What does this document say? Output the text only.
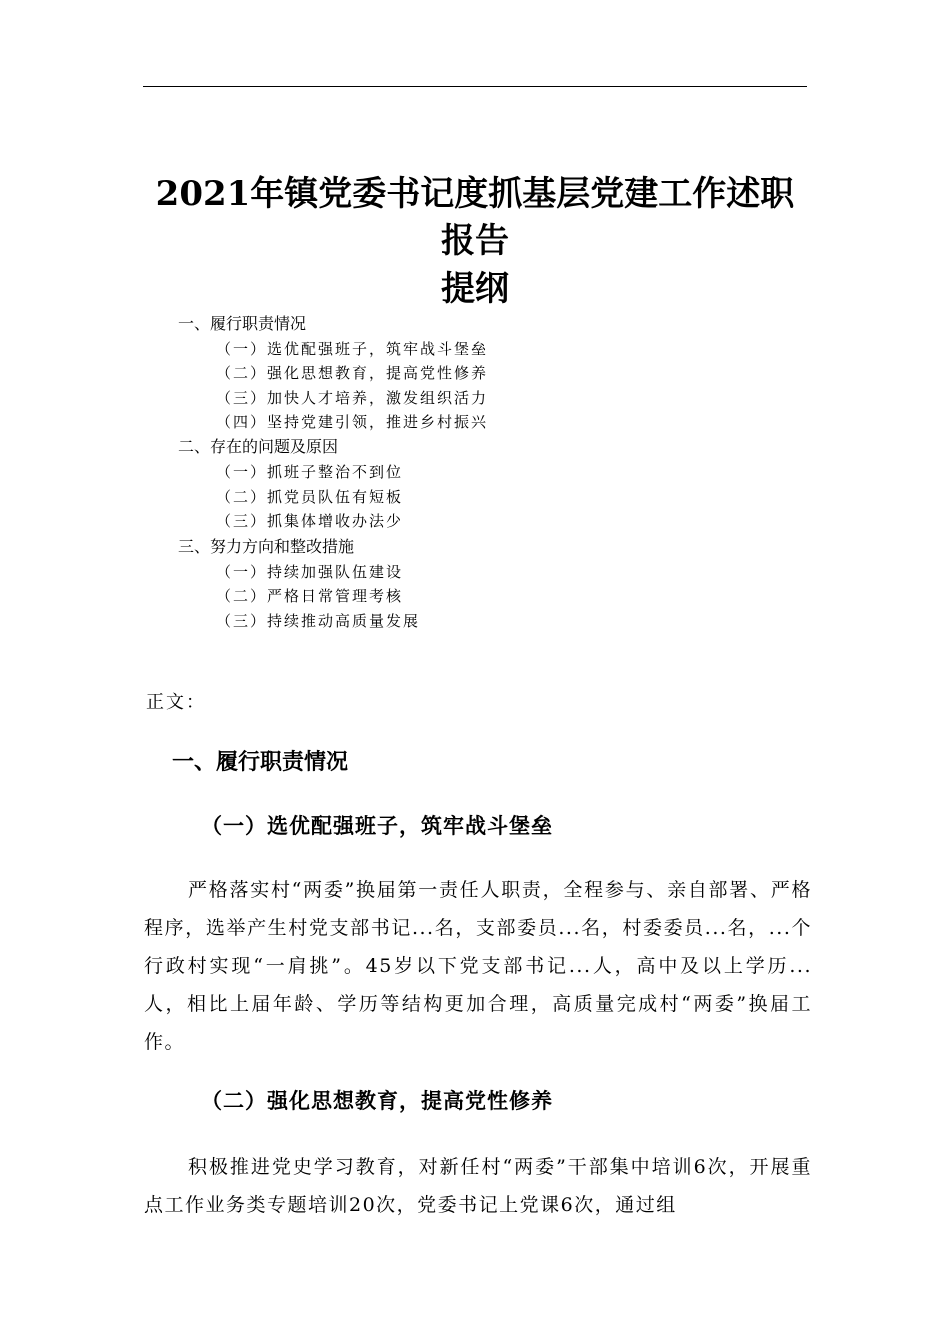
2021年镇党委书记度抓基层党建工作述职
报告
提纲
一、履行职责情况
（一）选优配强班子，筑牢战斗堡垒
（二）强化思想教育，提高党性修养
（三）加快人才培养，激发组织活力
（四）坚持党建引领，推进乡村振兴
二、存在的问题及原因
（一）抓班子整治不到位
（二）抓党员队伍有短板
（三）抓集体增收办法少
三、努力方向和整改措施
（一）持续加强队伍建设
（二）严格日常管理考核
（三）持续推动高质量发展
正文：
一、履行职责情况
（一）选优配强班子，筑牢战斗堡垒
严格落实村“两委”换届第一责任人职责，全程参与、亲自部署、严格程序，选举产生村党支部书记...名，支部委员...名，村委委员...名，...个行政村实现“一肩挑”。45岁以下党支部书记...人，高中及以上学历...人，相比上届年龄、学历等结构更加合理，高质量完成村“两委”换届工作。
（二）强化思想教育，提高党性修养
积极推进党史学习教育，对新任村“两委”干部集中培训6次，开展重点工作业务类专题培训20次，党委书记上党课6次，通过组
